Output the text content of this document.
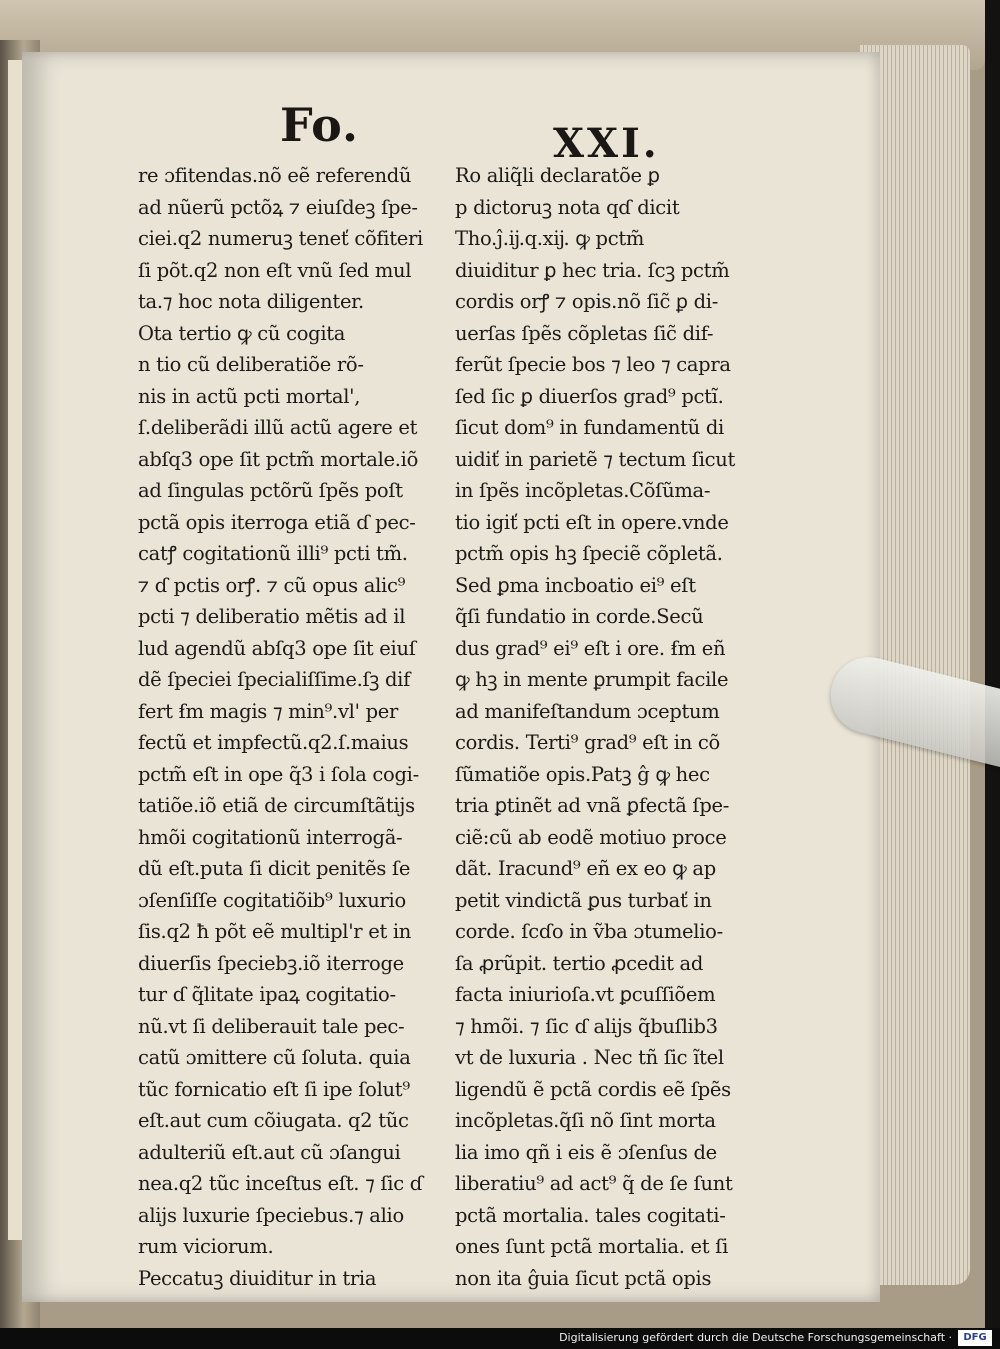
Fo.	XXI.
re ɔfitendas.nõ eẽ referendũ
ad nũerũ pctõꝝ ⁊ eiuſdeꝫ ſpe-
ciei.q2 numeruꝫ teneť cõfiteri
ſi põt.q2 non eſt vnũ ſed mul
ta.⁊ hoc nota diligenter.
Ota tertio ꝙ cũ cogita
n tio cũ deliberatiõe rõ-
nis in actũ pcti mortal',
ſ.deliberãdi illũ actũ agere et
abſq3 ope ſit pctm̃ mortale.iõ
ad ſingulas pctõrũ ſpẽs poſt
pctã opis iterroga etiã ɗ pec-
catꝭ cogitationũ illi⁹ pcti tm̃.
⁊ ɗ pctis orꝭ. ⁊ cũ opus alic⁹
pcti ⁊ deliberatio mẽtis ad il
lud agendũ abſq3 ope ſit eiuſ
dẽ ſpeciei ſpecialiſſime.ſꝫ dif
fert ẜm magis ⁊ min⁹.vl' per
fectũ et impfectũ.q2.ſ.maius
pctm̃ eſt in ope q̃3 i ſola cogi-
tatiõe.iõ etiã de circumſtãtijs
hmõi cogitationũ interrogã-
dũ eſt.puta ſi dicit penitẽs ſe
ɔſenſiſſe cogitatiõib⁹ luxurio
ſis.q2 ħ põt eẽ multipl'r et in
diuerſis ſpeciebꝫ.iõ iterroge
tur ɗ q̃litate ipaꝝ cogitatio-
nũ.vt ſi deliberauit tale pec-
catũ ɔmittere cũ ſoluta. quia
tũc fornicatio eſt ſi ipe ſolut⁹
eſt.aut cum cõiugata. q2 tũc
adulteriũ eſt.aut cũ ɔſangui
nea.q2 tũc inceſtus eſt. ⁊ ſic ɗ
alijs luxurie ſpeciebus.⁊ alio
rum viciorum.
Peccatuꝫ diuiditur in tria
Ro aliq̃li declaratõe ꝑ
p dictoruꝫ nota qɗ dicit
Tho.ĵ.ĳ.q.xĳ. ꝙ pctm̃
diuiditur ꝑ hec tria. ſcꝫ pctm̃
cordis orꝭ ⁊ opis.nõ ſic̃ ꝑ di-
uerſas ſpẽs cõpletas ſic̃ dif-
ferũt ſpecie bos ⁊ leo ⁊ capra
ſed ſic ꝑ diuerſos grad⁹ pctĩ.
ſicut dom⁹ in fundamentũ di
uidiť in parietẽ ⁊ tectum ſicut
in ſpẽs incõpletas.Cõſũma-
tio igiť pcti eſt in opere.vnde
pctm̃ opis hꝫ ſpeciẽ cõpletã.
Sed ꝑma incboatio ei⁹ eſt
q̃ſi fundatio in corde.Secũ
dus grad⁹ ei⁹ eſt i ore. ẜm eñ
ꝙ hꝫ in mente ꝑrumpit facile
ad manifeſtandum ɔceptum
cordis. Terti⁹ grad⁹ eſt in cõ
ſũmatiõe opis.Patꝫ ĝ ꝙ hec
tria ꝑtinẽt ad vnã ꝑfectã ſpe-
ciẽ:cũ ab eodẽ motiuo proce
dãt. Iracund⁹ eñ ex eo ꝙ ap
petit vindictã ꝑus turbať in
corde. ſcɗo in ṽba ɔtumelio-
ſa ꝓrũpit. tertio ꝓcedit ad
facta iniurioſa.vt ꝑcuſſiõem
⁊ hmõi. ⁊ ſic ɗ alijs q̃buſlib3
vt de luxuria . Nec tñ ſic ĩtel
ligendũ ẽ pctã cordis eẽ ſpẽs
incõpletas.q̃ſi nõ ſint morta
lia imo qñ i eis ẽ ɔſenſus de
liberatiu⁹ ad act⁹ q̃ de ſe ſunt
pctã mortalia. tales cogitati-
ones ſunt pctã mortalia. et ſi
non ita ĝuia ſicut pctã opis
Digitalisierung gefördert durch die Deutsche Forschungsgemeinschaft ·	DFG
